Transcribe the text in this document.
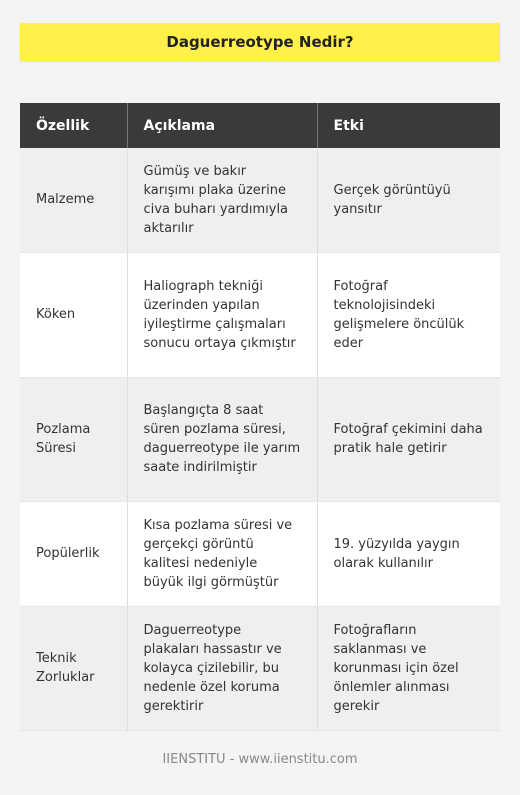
Daguerreotype Nedir?
Özellik	Açıklama	Etki
Malzeme	Gümüş ve bakır karışımı plaka üzerine civa buharı yardımıyla aktarılır	Gerçek görüntüyü yansıtır
Köken	Haliograph tekniği üzerinden yapılan iyileştirme çalışmaları sonucu ortaya çıkmıştır	Fotoğraf teknolojisindeki gelişmelere öncülük eder
Pozlama Süresi	Başlangıçta 8 saat süren pozlama süresi, daguerreotype ile yarım saate indirilmiştir	Fotoğraf çekimini daha pratik hale getirir
Popülerlik	Kısa pozlama süresi ve gerçekçi görüntü kalitesi nedeniyle büyük ilgi görmüştür	19. yüzyılda yaygın olarak kullanılır
Teknik Zorluklar	Daguerreotype plakaları hassastır ve kolayca çizilebilir, bu nedenle özel koruma gerektirir	Fotoğrafların saklanması ve korunması için özel önlemler alınması gerekir
IIENSTITU - www.iienstitu.com
